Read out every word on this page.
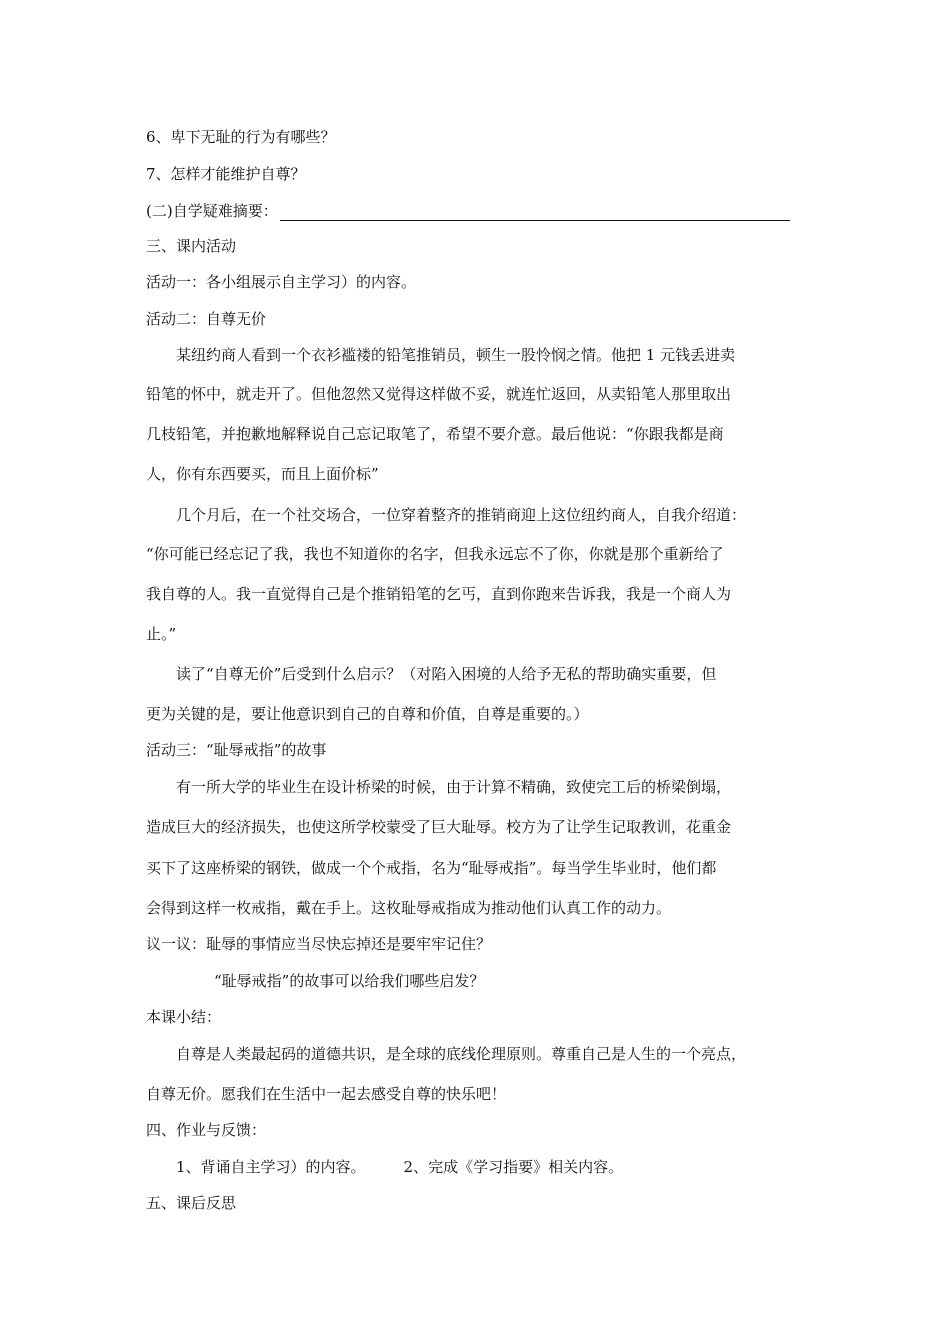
6、卑下无耻的行为有哪些？
7、怎样才能维护自尊？
(二)自学疑难摘要：
三、课内活动
活动一：各小组展示自主学习）的内容。
活动二：自尊无价
某纽约商人看到一个衣衫褴褛的铅笔推销员，顿生一股怜悯之情。他把 1 元钱丢进卖
铅笔的怀中，就走开了。但他忽然又觉得这样做不妥，就连忙返回，从卖铅笔人那里取出
几枝铅笔，并抱歉地解释说自己忘记取笔了，希望不要介意。最后他说：“你跟我都是商
人，你有东西要买，而且上面价标”
几个月后，在一个社交场合，一位穿着整齐的推销商迎上这位纽约商人，自我介绍道：
“你可能已经忘记了我，我也不知道你的名字，但我永远忘不了你，你就是那个重新给了
我自尊的人。我一直觉得自己是个推销铅笔的乞丐，直到你跑来告诉我，我是一个商人为
止。”
读了“自尊无价”后受到什么启示？（对陷入困境的人给予无私的帮助确实重要，但
更为关键的是，要让他意识到自己的自尊和价值，自尊是重要的。）
活动三：“耻辱戒指”的故事
有一所大学的毕业生在设计桥梁的时候，由于计算不精确，致使完工后的桥梁倒塌，
造成巨大的经济损失，也使这所学校蒙受了巨大耻辱。校方为了让学生记取教训，花重金
买下了这座桥梁的钢铁，做成一个个戒指，名为“耻辱戒指”。每当学生毕业时，他们都
会得到这样一枚戒指，戴在手上。这枚耻辱戒指成为推动他们认真工作的动力。
议一议：耻辱的事情应当尽快忘掉还是要牢牢记住？
“耻辱戒指”的故事可以给我们哪些启发？
本课小结：
自尊是人类最起码的道德共识，是全球的底线伦理原则。尊重自己是人生的一个亮点，
自尊无价。愿我们在生活中一起去感受自尊的快乐吧！
四、作业与反馈：
1、背诵自主学习）的内容。	2、完成《学习指要》相关内容。
五、课后反思
